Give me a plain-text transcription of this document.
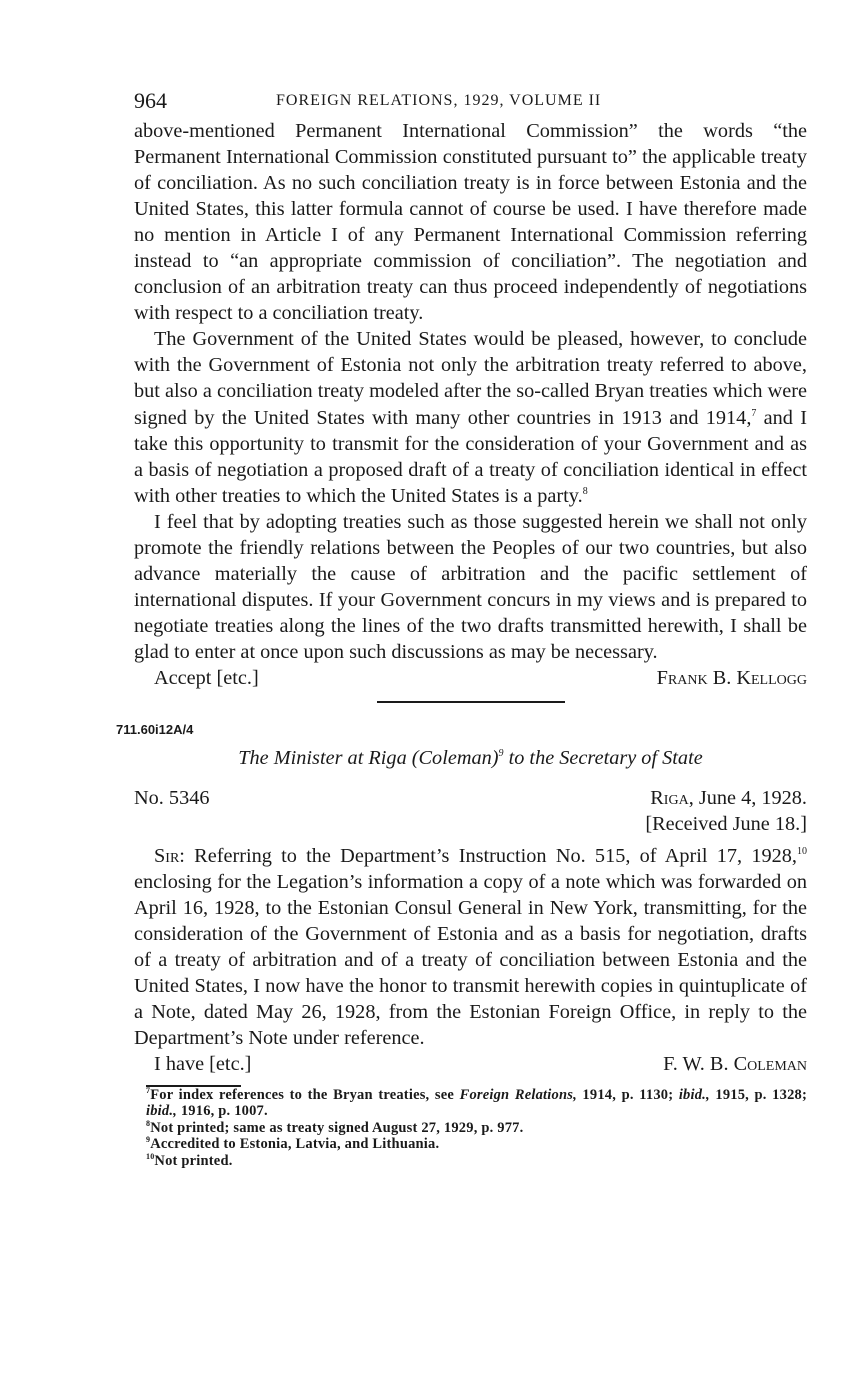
964	FOREIGN RELATIONS, 1929, VOLUME II

above-mentioned Permanent International Commission” the words “the Permanent International Commission constituted pursuant to” the applicable treaty of conciliation. As no such conciliation treaty is in force between Estonia and the United States, this latter formula cannot of course be used. I have therefore made no mention in Article I of any Permanent International Commission referring instead to “an appropriate commission of conciliation”. The negotiation and conclusion of an arbitration treaty can thus proceed independently of negotiations with respect to a conciliation treaty.

The Government of the United States would be pleased, however, to conclude with the Government of Estonia not only the arbitration treaty referred to above, but also a conciliation treaty modeled after the so-called Bryan treaties which were signed by the United States with many other countries in 1913 and 1914,$^7$ and I take this opportunity to transmit for the consideration of your Government and as a basis of negotiation a proposed draft of a treaty of conciliation identical in effect with other treaties to which the United States is a party.$^8$

I feel that by adopting treaties such as those suggested herein we shall not only promote the friendly relations between the Peoples of our two countries, but also advance materially the cause of arbitration and the pacific settlement of international disputes. If your Government concurs in my views and is prepared to negotiate treaties along the lines of the two drafts transmitted herewith, I shall be glad to enter at once upon such discussions as may be necessary.

Accept [etc.]	Frank B. Kellogg
711.60i12A/4
The Minister at Riga (Coleman)$^9$ to the Secretary of State
No. 5346	Riga, June 4, 1928.
[Received June 18.]

Sir: Referring to the Department’s Instruction No. 515, of April 17, 1928,10 enclosing for the Legation’s information a copy of a note which was forwarded on April 16, 1928, to the Estonian Consul General in New York, transmitting, for the consideration of the Government of Estonia and as a basis for negotiation, drafts of a treaty of arbitration and of a treaty of conciliation between Estonia and the United States, I now have the honor to transmit herewith copies in quintuplicate of a Note, dated May 26, 1928, from the Estonian Foreign Office, in reply to the Department’s Note under reference.

I have [etc.]	F. W. B. Coleman

$^7$For index references to the Bryan treaties, see Foreign Relations, 1914, p. 1130; ibid., 1915, p. 1328; ibid., 1916, p. 1007.

$^8$Not printed; same as treaty signed August 27, 1929, p. 977.

$^9$Accredited to Estonia, Latvia, and Lithuania.

$^{10}$Not printed.
